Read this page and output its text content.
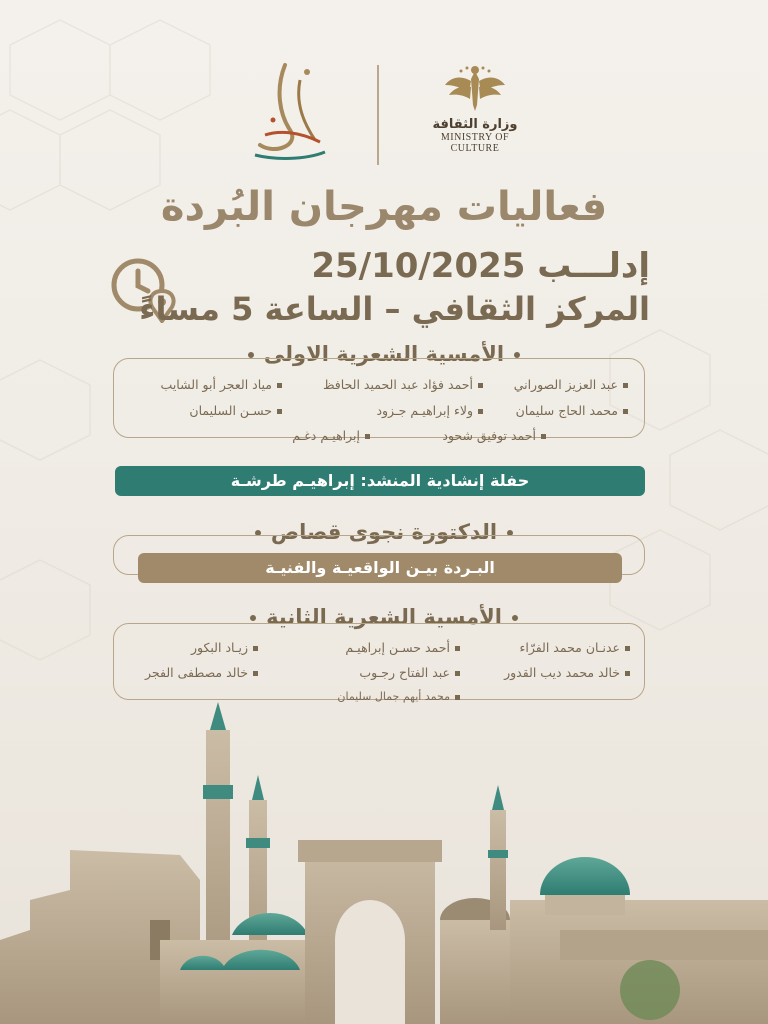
وزارة الثقافة
MINISTRY OF CULTURE
فعاليات مهرجان البُردة
إدلـــب 25/10/2025
المركز الثقافي – الساعة 5 مساءً
الأمسية الشعرية الاولى
عبد العزيز الصوراني
أحمد فؤاد عبد الحميد الحافظ
مياد العجر أبو الشايب
محمد الحاج سليمان
ولاء إبراهيـم جـزود
حسـن السليمان
أحمد توفيق شحود
إبراهيـم دغـم
حفلة إنشادية المنشد: إبراهيـم طرشـة
الدكتورة نجوى قصاص
البـردة بيـن الواقعيـة والفنيـة
الأمسية الشعرية الثانية
عدنـان محمد الفرّاء
أحمد حسـن إبراهيـم
زيـاد البكور
خالد محمد ديب القدور
عبد الفتاح رجـوب
خالد مصطفى الفجر
محمد أيهم جمال سليمان
